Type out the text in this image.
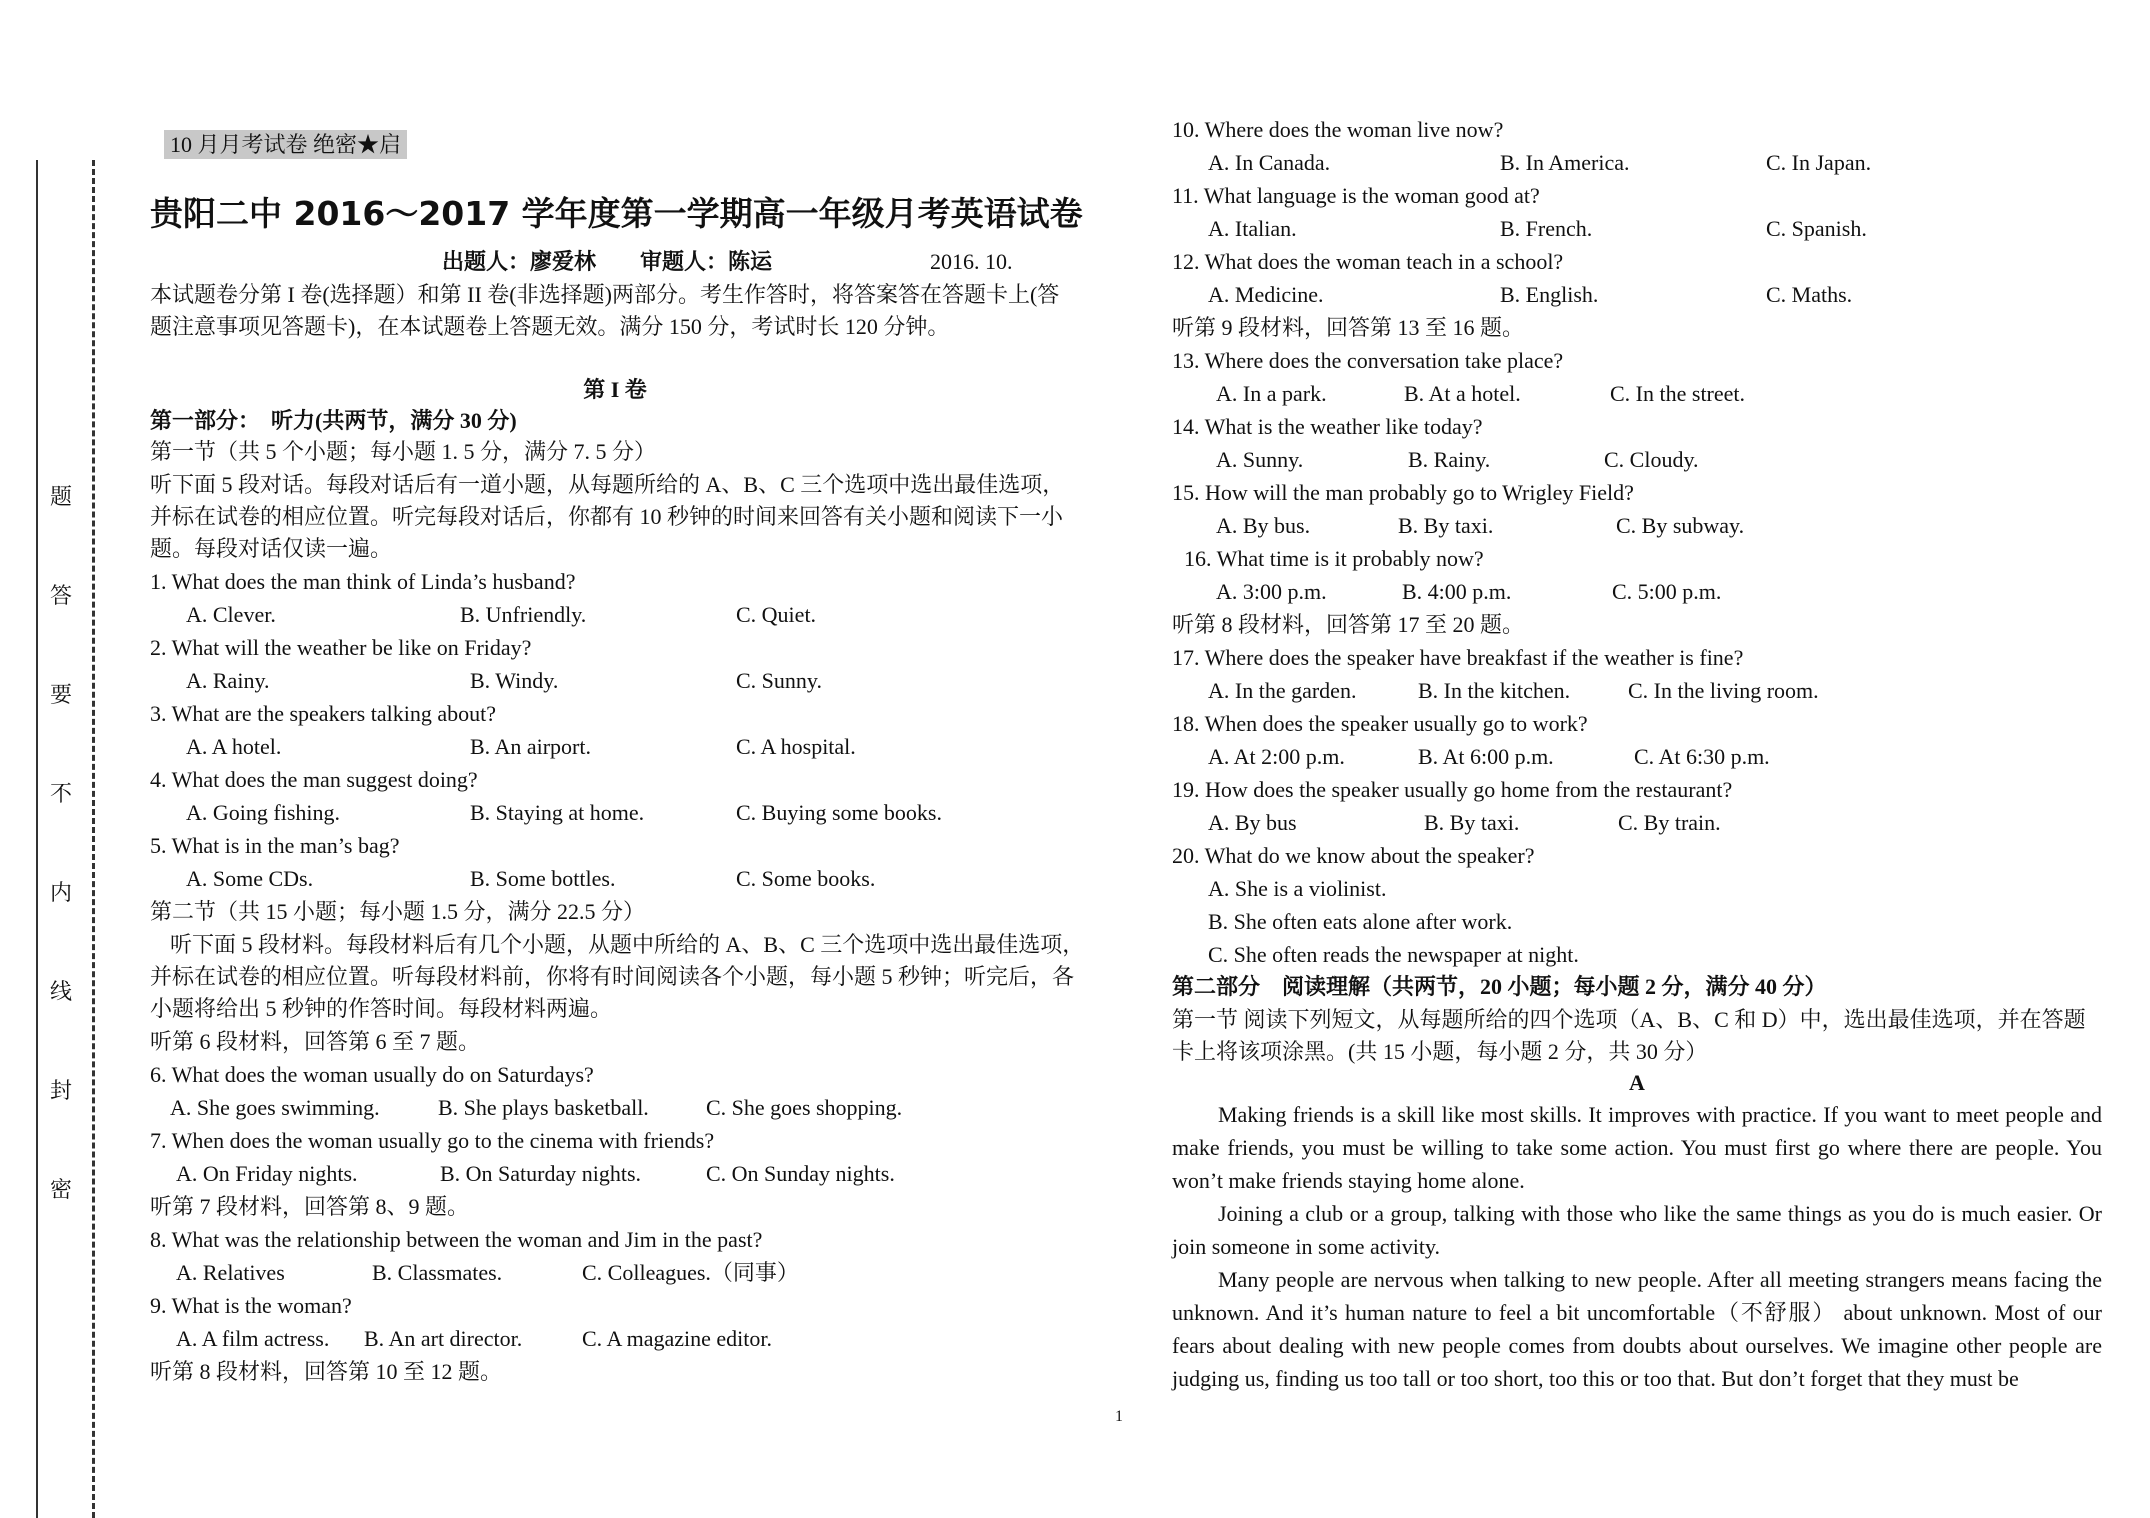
题
答
要
不
内
线
封
密
10 月月考试卷 绝密★启
贵阳二中 2016～2017 学年度第一学期高一年级月考英语试卷
出题人：廖爱林　　审题人：陈运	2016. 10.
本试题卷分第 I 卷(选择题）和第 II 卷(非选择题)两部分。考生作答时，将答案答在答题卡上(答
题注意事项见答题卡)，在本试题卷上答题无效。满分 150 分，考试时长 120 分钟。
第 I 卷
第一部分：　听力(共两节，满分 30 分)
第一节（共 5 个小题；每小题 1. 5 分，满分 7. 5 分）
听下面 5 段对话。每段对话后有一道小题，从每题所给的 A、B、C 三个选项中选出最佳选项，
并标在试卷的相应位置。听完每段对话后，你都有 10 秒钟的时间来回答有关小题和阅读下一小
题。每段对话仅读一遍。
1. What does the man think of Linda’s husband?
A. Clever.	B. Unfriendly.	C. Quiet.
2. What will the weather be like on Friday?
A. Rainy.	B. Windy.	C. Sunny.
3. What are the speakers talking about?
A. A hotel.	B. An airport.	C. A hospital.
4. What does the man suggest doing?
A. Going fishing.	B. Staying at home.	C. Buying some books.
5. What is in the man’s bag?
A. Some CDs.	B. Some bottles.	C. Some books.
第二节（共 15 小题；每小题 1.5 分，满分 22.5 分）
听下面 5 段材料。每段材料后有几个小题，从题中所给的 A、B、C 三个选项中选出最佳选项，
并标在试卷的相应位置。听每段材料前，你将有时间阅读各个小题，每小题 5 秒钟；听完后，各
小题将给出 5 秒钟的作答时间。每段材料两遍。
听第 6 段材料，回答第 6 至 7 题。
6. What does the woman usually do on Saturdays?
A. She goes swimming.	B. She plays basketball.	C. She goes shopping.
7. When does the woman usually go to the cinema with friends?
A. On Friday nights.	B. On Saturday nights.	C. On Sunday nights.
听第 7 段材料，回答第 8、9 题。
8. What was the relationship between the woman and Jim in the past?
A. Relatives	B. Classmates.	C. Colleagues.（同事）
9. What is the woman?
A. A film actress. B. An art director.	C. A magazine editor.
听第 8 段材料，回答第 10 至 12 题。
10. Where does the woman live now?
A. In Canada.	B. In America.	C. In Japan.
11. What language is the woman good at?
A. Italian.	B. French.	C. Spanish.
12. What does the woman teach in a school?
A. Medicine.	B. English.	C. Maths.
听第 9 段材料，回答第 13 至 16 题。
13. Where does the conversation take place?
A. In a park.	B. At a hotel.	C. In the street.
14. What is the weather like today?
A. Sunny.	B. Rainy.	C. Cloudy.
15. How will the man probably go to Wrigley Field?
A. By bus.	B. By taxi.	C. By subway.
16. What time is it probably now?
A. 3:00 p.m.	B. 4:00 p.m.	C. 5:00 p.m.
听第 8 段材料，回答第 17 至 20 题。
17. Where does the speaker have breakfast if the weather is fine?
A. In the garden.	B. In the kitchen.	C. In the living room.
18. When does the speaker usually go to work?
A. At 2:00 p.m.	B. At 6:00 p.m.	C. At 6:30 p.m.
19. How does the speaker usually go home from the restaurant?
A. By bus	B. By taxi.	C. By train.
20. What do we know about the speaker?
A. She is a violinist.
B. She often eats alone after work.
C. She often reads the newspaper at night.
第二部分　阅读理解（共两节，20 小题；每小题 2 分，满分 40 分）
第一节 阅读下列短文，从每题所给的四个选项（A、B、C 和 D）中，选出最佳选项，并在答题
卡上将该项涂黑。(共 15 小题，每小题 2 分，共 30 分）
A
Making friends is a skill like most skills. It improves with practice. If you want to meet people and make friends, you must be willing to take some action. You must first go where there are people. You won’t make friends staying home alone.
Joining a club or a group, talking with those who like the same things as you do is much easier. Or join someone in some activity.
Many people are nervous when talking to new people. After all meeting strangers means facing the unknown. And it’s human nature to feel a bit uncomfortable（不舒服） about unknown. Most of our fears about dealing with new people comes from doubts about ourselves. We imagine other people are judging us, finding us too tall or too short, too this or too that. But don’t forget that they must be
1
